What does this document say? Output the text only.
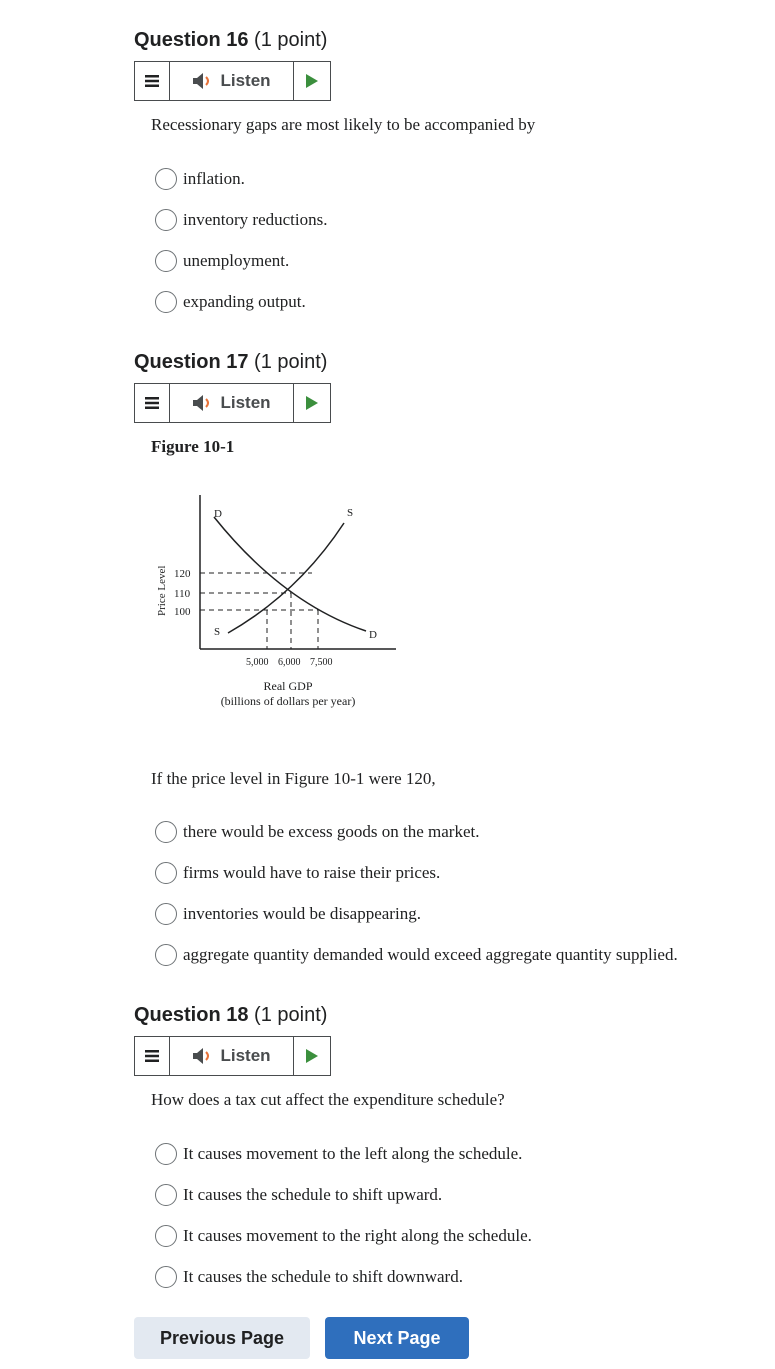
Question 16 (1 point)
Listen
Recessionary gaps are most likely to be accompanied by
inflation.
inventory reductions.
unemployment.
expanding output.
Question 17 (1 point)
Listen
Figure 10-1
D
D
S
S
120
110
100
Price Level
5,000 6,000 7,500
Real GDP
(billions of dollars per year)
If the price level in Figure 10-1 were 120,
there would be excess goods on the market.
firms would have to raise their prices.
inventories would be disappearing.
aggregate quantity demanded would exceed aggregate quantity supplied.
Question 18 (1 point)
Listen
How does a tax cut affect the expenditure schedule?
It causes movement to the left along the schedule.
It causes the schedule to shift upward.
It causes movement to the right along the schedule.
It causes the schedule to shift downward.
Previous Page	Next Page
